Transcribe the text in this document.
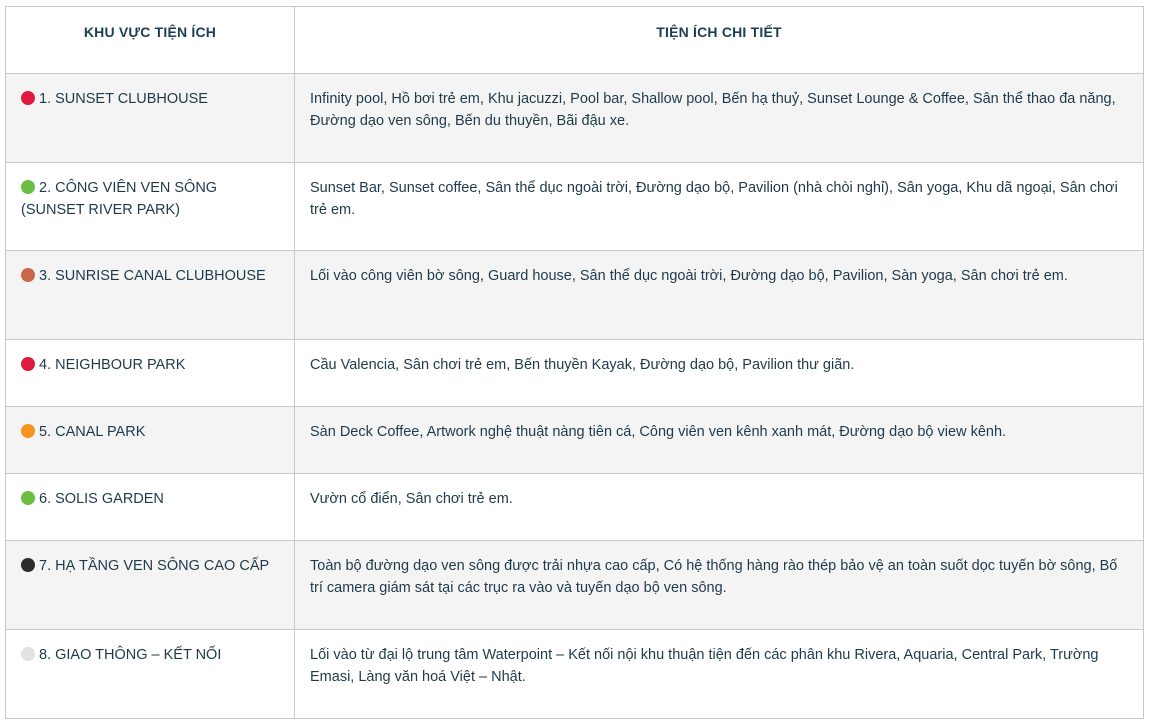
KHU VỰC TIỆN ÍCH	TIỆN ÍCH CHI TIẾT
1. SUNSET CLUBHOUSE	Infinity pool, Hồ bơi trẻ em, Khu jacuzzi, Pool bar, Shallow pool, Bến hạ thuỷ, Sunset Lounge & Coffee, Sân thể thao đa năng, Đường dạo ven sông, Bến du thuyền, Bãi đậu xe.
2. CÔNG VIÊN VEN SÔNG (SUNSET RIVER PARK)	Sunset Bar, Sunset coffee, Sân thể dục ngoài trời, Đường dạo bộ, Pavilion (nhà chòi nghỉ), Sân yoga, Khu dã ngoại, Sân chơi trẻ em.
3. SUNRISE CANAL CLUBHOUSE	Lối vào công viên bờ sông, Guard house, Sân thể dục ngoài trời, Đường dạo bộ, Pavilion, Sàn yoga, Sân chơi trẻ em.
4. NEIGHBOUR PARK	Cầu Valencia, Sân chơi trẻ em, Bến thuyền Kayak, Đường dạo bộ, Pavilion thư giãn.
5. CANAL PARK	Sàn Deck Coffee, Artwork nghệ thuật nàng tiên cá, Công viên ven kênh xanh mát, Đường dạo bộ view kênh.
6. SOLIS GARDEN	Vườn cổ điển, Sân chơi trẻ em.
7. HẠ TẦNG VEN SÔNG CAO CẤP	Toàn bộ đường dạo ven sông được trải nhựa cao cấp, Có hệ thống hàng rào thép bảo vệ an toàn suốt dọc tuyến bờ sông, Bố trí camera giám sát tại các trục ra vào và tuyến dạo bộ ven sông.
8. GIAO THÔNG – KẾT NỐI	Lối vào từ đại lộ trung tâm Waterpoint – Kết nối nội khu thuận tiện đến các phân khu Rivera, Aquaria, Central Park, Trường Emasi, Làng văn hoá Việt – Nhật.
